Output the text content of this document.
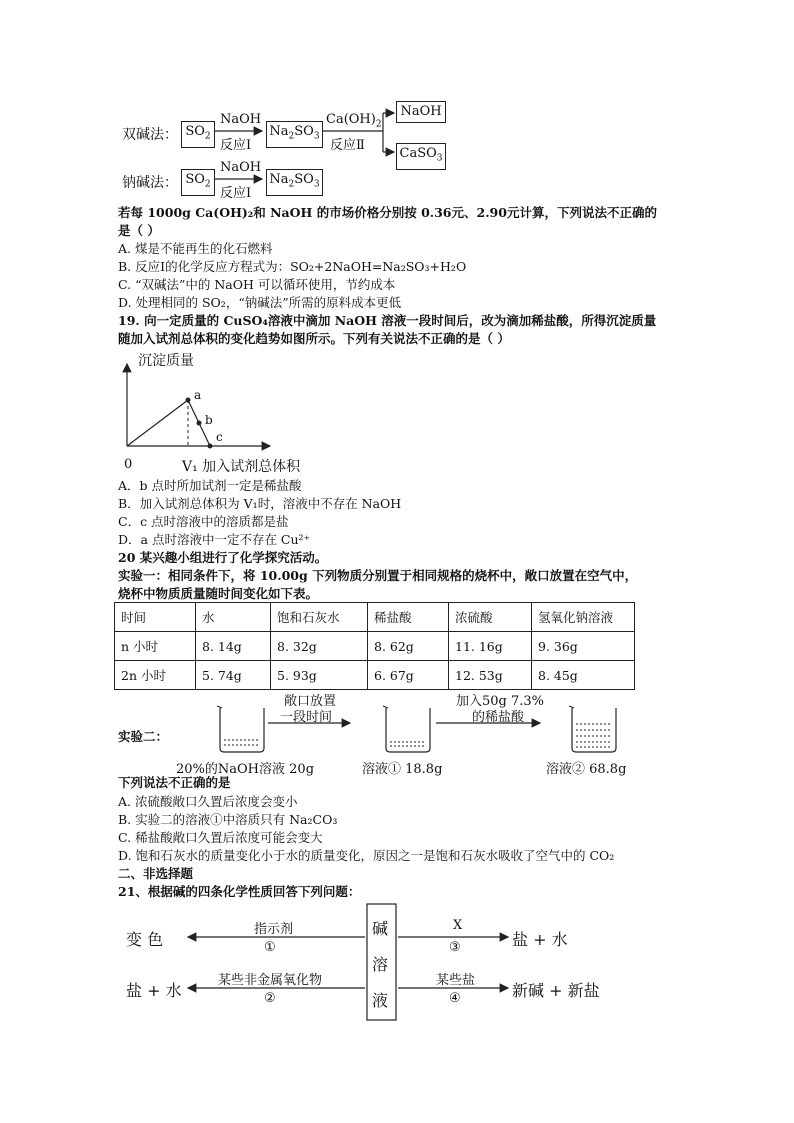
双碱法： $SO_2$
NaOH
反应Ⅰ
$Na_2SO_3$
$Ca(OH)_2$
反应Ⅱ
NaOH
CaSO$_3$
钠碱法： $SO_2$
NaOH
反应Ⅰ
$Na_2SO_3$
若每 1000g Ca(OH)₂和 NaOH 的市场价格分别按 0.36元、2.90元计算，下列说法不正确的
是（ ）
A. 煤是不能再生的化石燃料
B. 反应Ⅰ的化学反应方程式为：SO₂+2NaOH=Na₂SO₃+H₂O
C. “双碱法”中的 NaOH 可以循环使用，节约成本
D. 处理相同的 SO₂，“钠碱法”所需的原料成本更低
19. 向一定质量的 CuSO₄溶液中滴加 NaOH 溶液一段时间后，改为滴加稀盐酸，所得沉淀质量
随加入试剂总体积的变化趋势如图所示。下列有关说法不正确的是（ ）
沉淀质量
a
b
c
0	V₁ 加入试剂总体积
A．b 点时所加试剂一定是稀盐酸
B．加入试剂总体积为 V₁时，溶液中不存在 NaOH
C．c 点时溶液中的溶质都是盐
D．a 点时溶液中一定不存在 Cu²⁺
20 某兴趣小组进行了化学探究活动。
实验一：相同条件下，将 10.00g 下列物质分别置于相同规格的烧杯中，敞口放置在空气中，
烧杯中物质质量随时间变化如下表。
时间	水	饱和石灰水	稀盐酸	浓硫酸	氢氧化钠溶液
n 小时	8. 14g	8. 32g	8. 62g	11. 16g	9. 36g
2n 小时	5. 74g	5. 93g	6. 67g	12. 53g	8. 45g
实验二：
敞口放置
一段时间
加入50g 7.3%
的稀盐酸
20%的NaOH溶液 20g	溶液① 18.8g	溶液② 68.8g
下列说法不正确的是
A. 浓硫酸敞口久置后浓度会变小
B. 实验二的溶液①中溶质只有 Na₂CO₃
C. 稀盐酸敞口久置后浓度可能会变大
D. 饱和石灰水的质量变化小于水的质量变化，原因之一是饱和石灰水吸收了空气中的 CO₂
二、非选择题
21、根据碱的四条化学性质回答下列问题：
碱
溶
液
变 色
指示剂
①
盐 + 水
某些非金属氧化物
②
X
③	盐 + 水
某些盐
④	新碱 + 新盐
